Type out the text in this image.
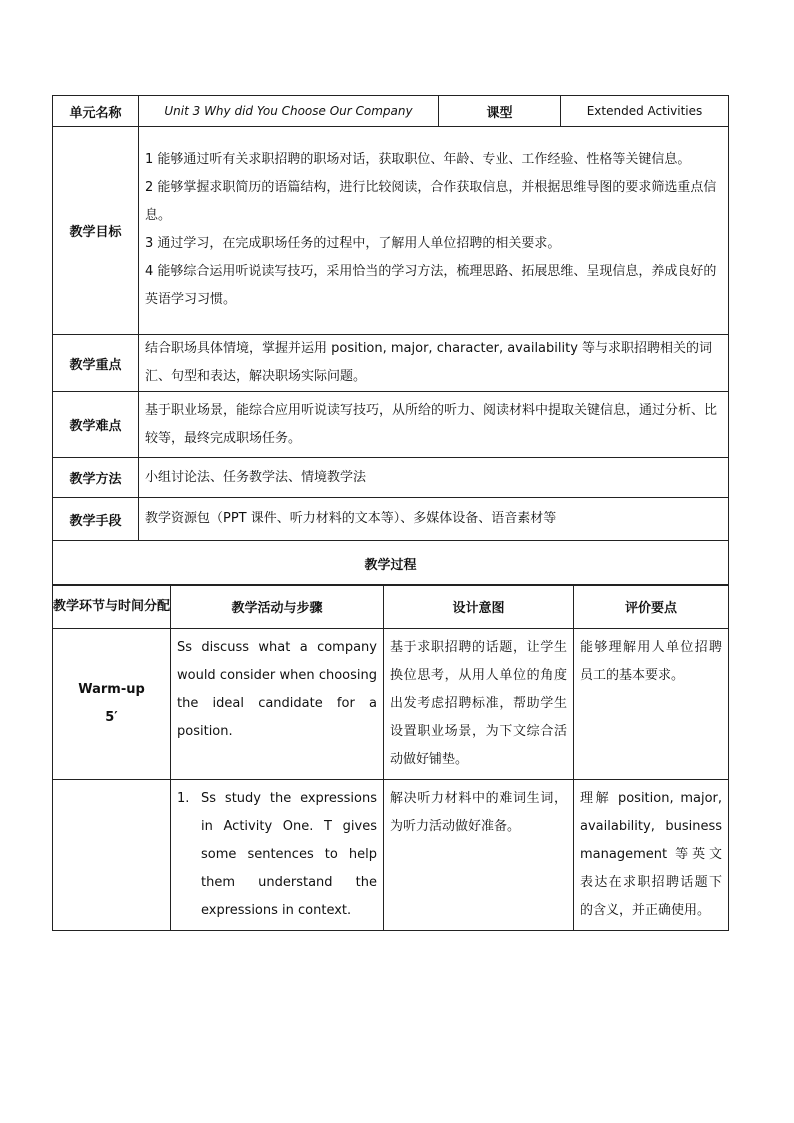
单元名称	Unit 3 Why did You Choose Our Company	课型	Extended Activities
教学目标	1 能够通过听有关求职招聘的职场对话，获取职位、年龄、专业、工作经验、性格等关键信息。

2 能够掌握求职简历的语篇结构，进行比较阅读，合作获取信息，并根据思维导图的要求筛选重点信息。

3 通过学习，在完成职场任务的过程中，了解用人单位招聘的相关要求。

4 能够综合运用听说读写技巧，采用恰当的学习方法，梳理思路、拓展思维、呈现信息，养成良好的英语学习习惯。		

教学重点	结合职场具体情境，掌握并运用 position, major, character, availability 等与求职招聘相关的词汇、句型和表达，解决职场实际问题。		
教学难点	基于职业场景，能综合应用听说读写技巧，从所给的听力、阅读材料中提取关键信息，通过分析、比较等，最终完成职场任务。		
教学方法	小组讨论法、任务教学法、情境教学法		
教学手段	教学资源包（PPT 课件、听力材料的文本等）、多媒体设备、语音素材等		
教学过程			
教学环节与时间分配	教学活动与步骤	设计意图	评价要点

Warm-up
5′	Ss discuss what a company would consider when choosing the ideal candidate for a position.	基于求职招聘的话题，让学生换位思考，从用人单位的角度出发考虑招聘标准，帮助学生设置职业场景，为下文综合活动做好铺垫。	能够理解用人单位招聘员工的基本要求。

	1. Ss study the expressions in Activity One. T gives some sentences to help them understand the expressions in context.	解决听力材料中的难词生词，为听力活动做好准备。	理解 position, major, availability, business management 等英文表达在求职招聘话题下的含义，并正确使用。
